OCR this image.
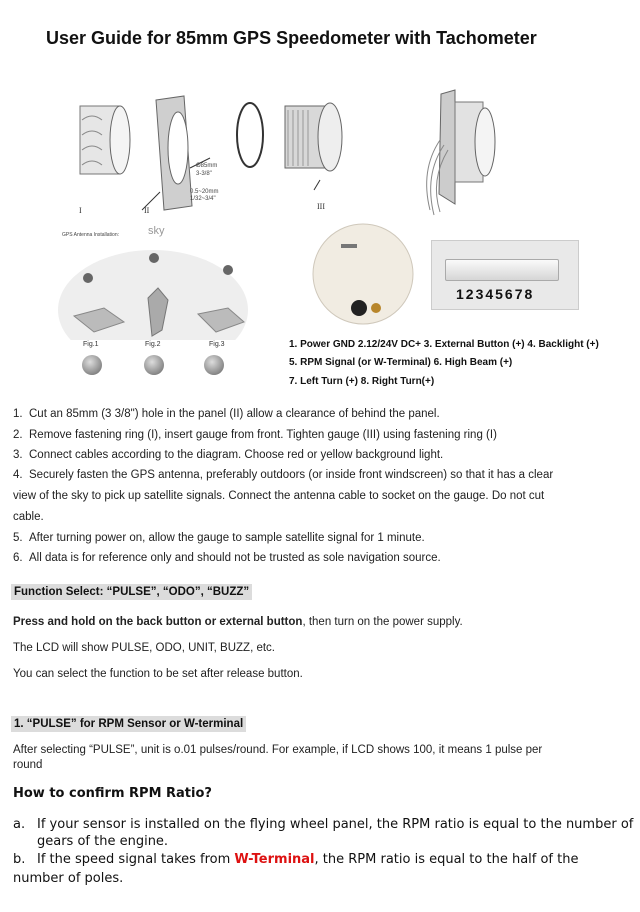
User Guide for 85mm GPS Speedometer with Tachometer
Ø85mm
3-3/8"
0.5~20mm
1/32~3/4"
I	II	III
GPS Antenna Installation:	sky
Fig.1	Fig.2	Fig.3
12345678
1. Power GND 2.12/24V DC+ 3. External Button (+) 4. Backlight (+)
5. RPM Signal (or W-Terminal) 6. High Beam (+)
7. Left Turn (+) 8. Right Turn(+)
1. Cut an 85mm (3 3/8") hole in the panel (II) allow a clearance of behind the panel.
2. Remove fastening ring (I), insert gauge from front. Tighten gauge (III) using fastening ring (I)
3. Connect cables according to the diagram. Choose red or yellow background light.
4. Securely fasten the GPS antenna, preferably outdoors (or inside front windscreen) so that it has a clear
view of the sky to pick up satellite signals. Connect the antenna cable to socket on the gauge. Do not cut
cable.
5. After turning power on, allow the gauge to sample satellite signal for 1 minute.
6. All data is for reference only and should not be trusted as sole navigation source.
Function Select: “PULSE”, “ODO”, “BUZZ”
Press and hold on the back button or external button, then turn on the power supply.
The LCD will show PULSE, ODO, UNIT, BUZZ, etc.
You can select the function to be set after release button.
1. “PULSE” for RPM Sensor or W-terminal
After selecting “PULSE”, unit is o.01 pulses/round. For example, if LCD shows 100, it means 1 pulse per
round
How to confirm RPM Ratio?
a. If your sensor is installed on the flying wheel panel, the RPM ratio is equal to the number of
gears of the engine.
b. If the speed signal takes from W-Terminal, the RPM ratio is equal to the half of the
number of poles.
